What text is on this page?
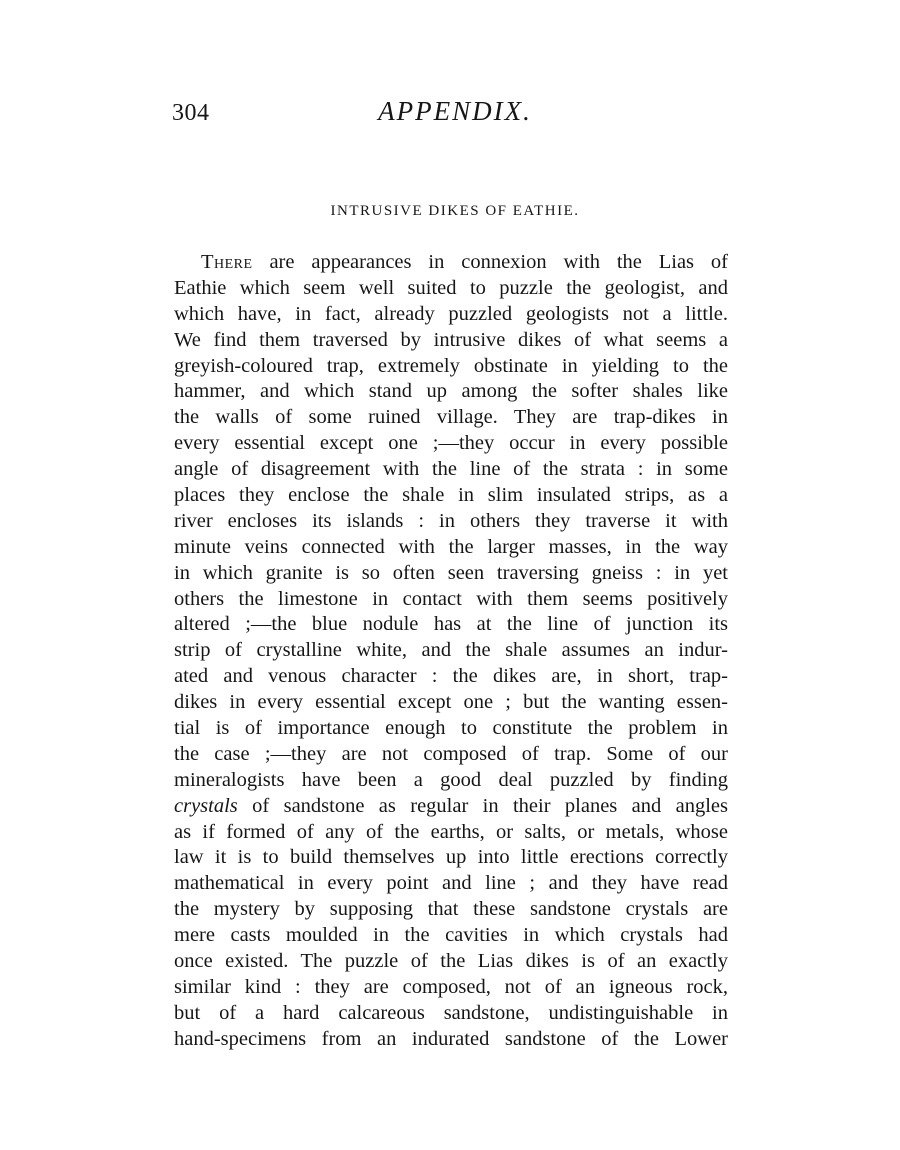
304	APPENDIX.
INTRUSIVE DIKES OF EATHIE.
There are appearances in connexion with the Lias of
Eathie which seem well suited to puzzle the geologist, and
which have, in fact, already puzzled geologists not a little.
We find them traversed by intrusive dikes of what seems a
greyish-coloured trap, extremely obstinate in yielding to the
hammer, and which stand up among the softer shales like
the walls of some ruined village. They are trap-dikes in
every essential except one ;—they occur in every possible
angle of disagreement with the line of the strata : in some
places they enclose the shale in slim insulated strips, as a
river encloses its islands : in others they traverse it with
minute veins connected with the larger masses, in the way
in which granite is so often seen traversing gneiss : in yet
others the limestone in contact with them seems positively
altered ;—the blue nodule has at the line of junction its
strip of crystalline white, and the shale assumes an indur-
ated and venous character : the dikes are, in short, trap-
dikes in every essential except one ; but the wanting essen-
tial is of importance enough to constitute the problem in
the case ;—they are not composed of trap. Some of our
mineralogists have been a good deal puzzled by finding
crystals of sandstone as regular in their planes and angles
as if formed of any of the earths, or salts, or metals, whose
law it is to build themselves up into little erections correctly
mathematical in every point and line ; and they have read
the mystery by supposing that these sandstone crystals are
mere casts moulded in the cavities in which crystals had
once existed. The puzzle of the Lias dikes is of an exactly
similar kind : they are composed, not of an igneous rock,
but of a hard calcareous sandstone, undistinguishable in
hand-specimens from an indurated sandstone of the Lower
